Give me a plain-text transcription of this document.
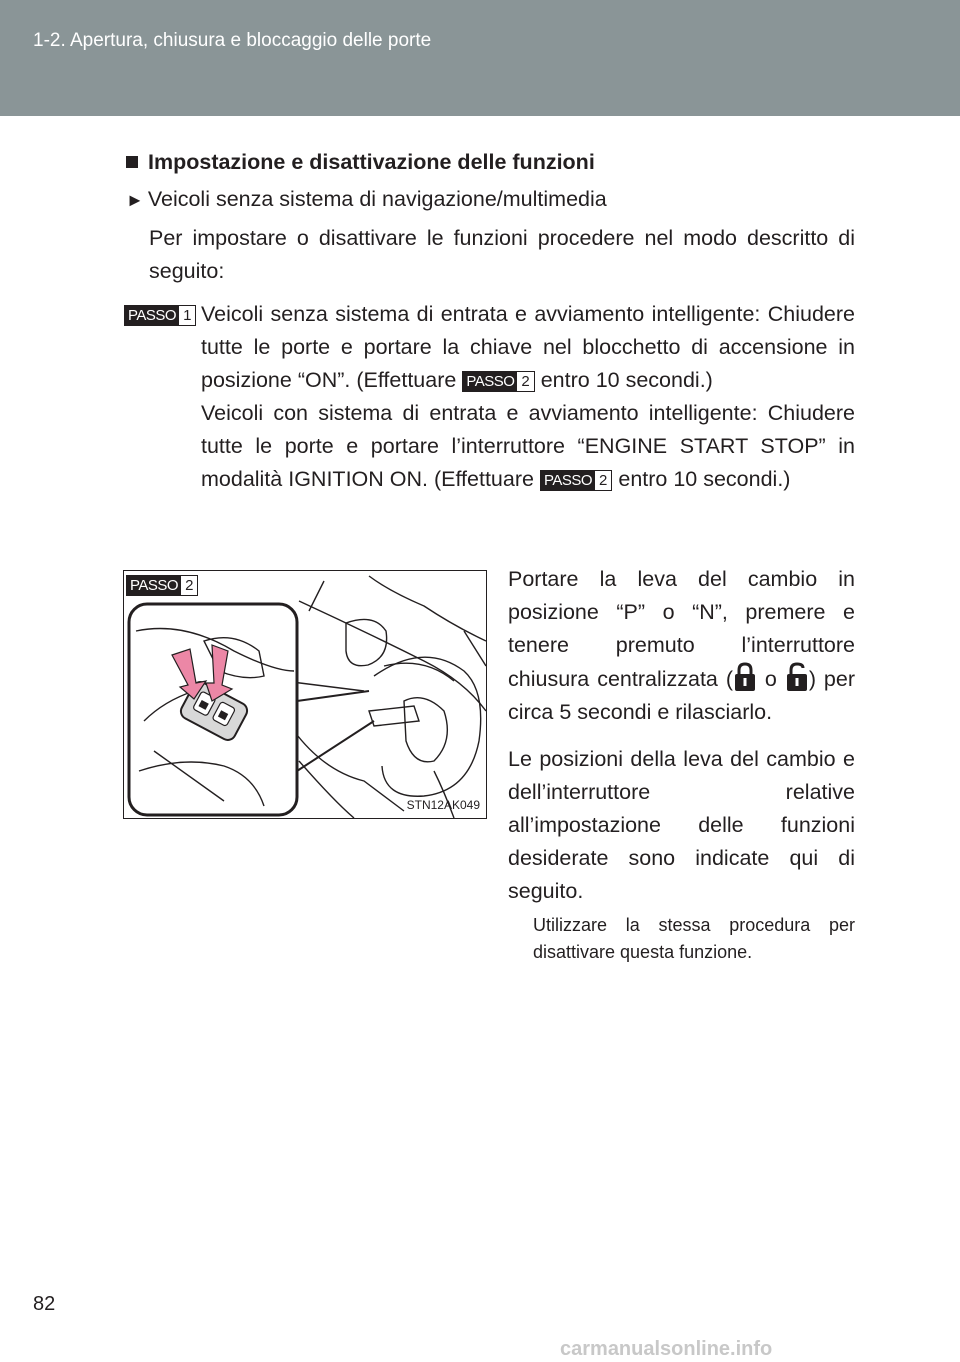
1-2. Apertura, chiusura e bloccaggio delle porte
Impostazione e disattivazione delle funzioni
► Veicoli senza sistema di navigazione/multimedia
Per impostare o disattivare le funzioni procedere nel modo descritto di seguito:
PASSO 1 Veicoli senza sistema di entrata e avviamento intelligente: Chiudere tutte le porte e portare la chiave nel blocchetto di accensione in posizione “ON”. (Effettuare PASSO 2 entro 10 secondi.)

Veicoli con sistema di entrata e avviamento intelligente: Chiudere tutte le porte e portare l’interruttore “ENGINE START STOP” in modalità IGNITION ON. (Effettuare PASSO 2 entro 10 secondi.)

PASSO 2
STN12AK049

Portare la leva del cambio in posizione “P” o “N”, premere e tenere premuto l’interruttore chiusura centralizzata ( o ) per circa 5 secondi e rilasciarlo.

Le posizioni della leva del cambio e dell’interruttore relative all’impostazione delle funzioni desiderate sono indicate qui di seguito.

Utilizzare la stessa procedura per disattivare questa funzione.
82
carmanualsonline.info
